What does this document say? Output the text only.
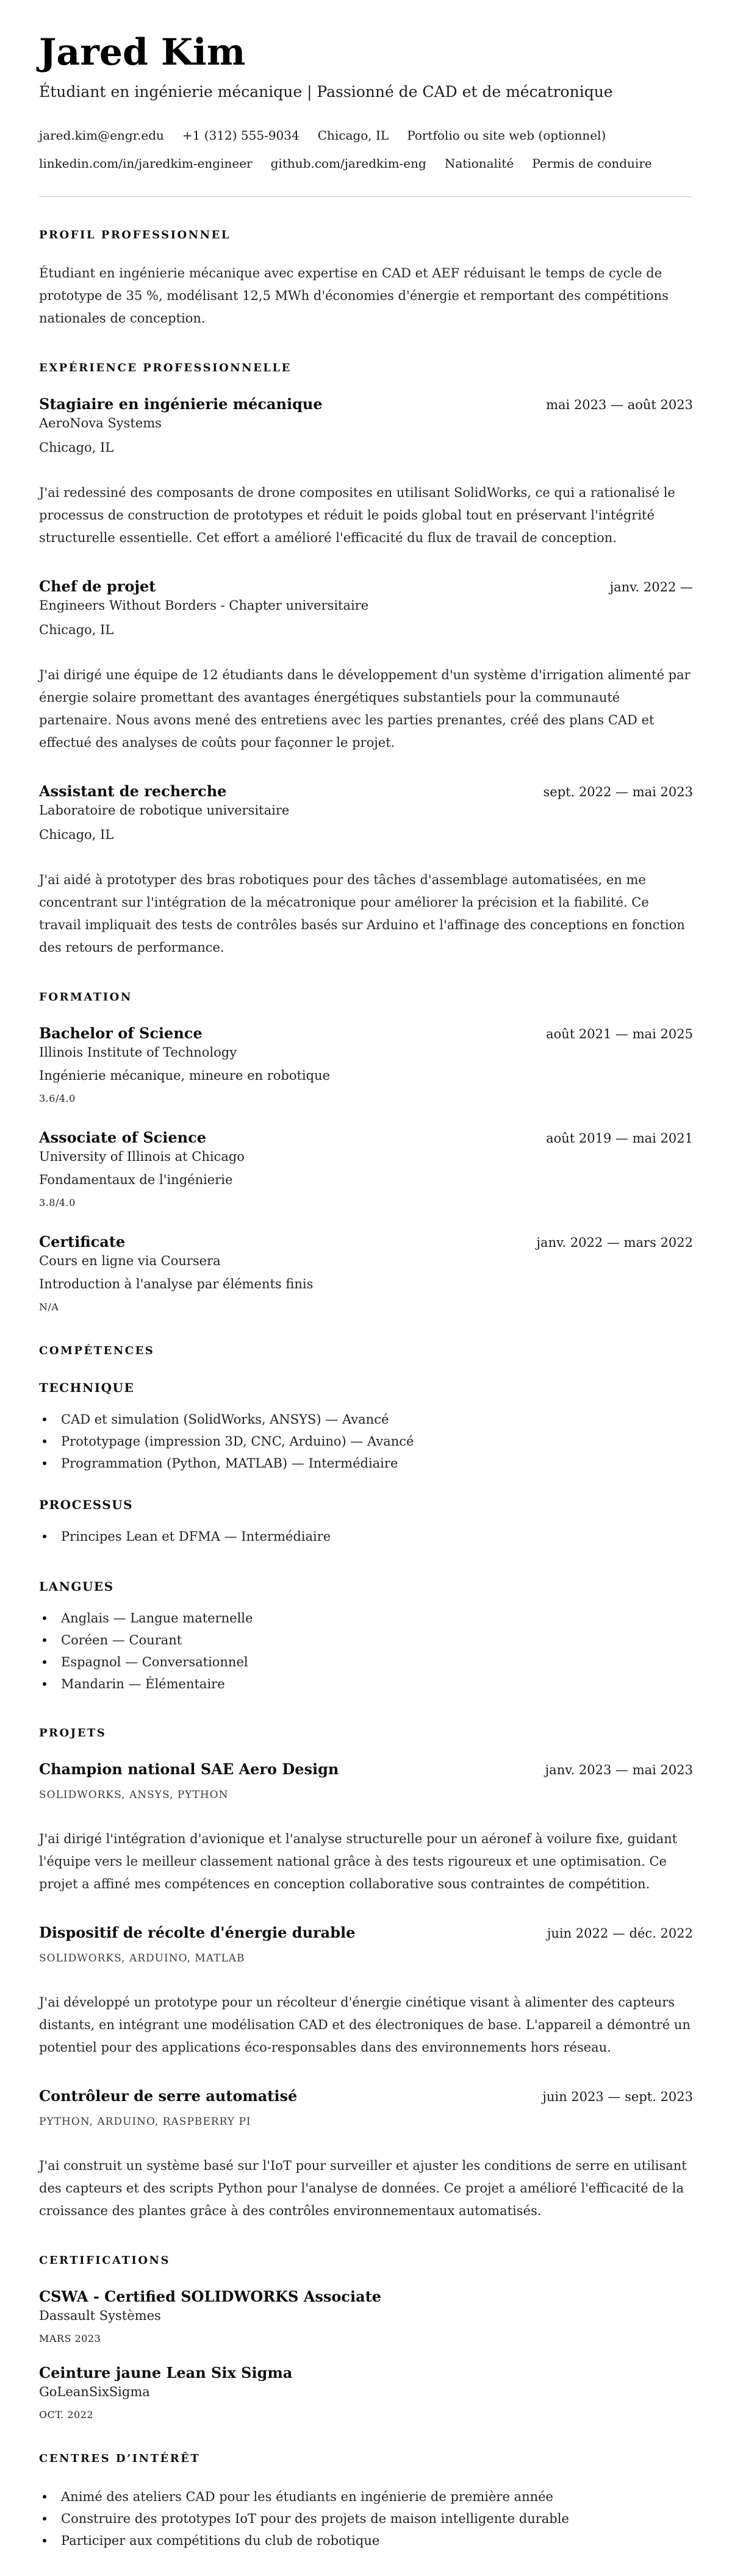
Jared Kim
Étudiant en ingénierie mécanique | Passionné de CAD et de mécatronique
jared.kim@engr.edu +1 (312) 555-9034 Chicago, IL Portfolio ou site web (optionnel)
linkedin.com/in/jaredkim-engineer github.com/jaredkim-eng Nationalité Permis de conduire
PROFIL PROFESSIONNEL

Étudiant en ingénierie mécanique avec expertise en CAD et AEF réduisant le temps de cycle de prototype de 35 %, modélisant 12,5 MWh d'économies d'énergie et remportant des compétitions nationales de conception.

EXPÉRIENCE PROFESSIONNELLE
Stagiaire en ingénierie mécanique	mai 2023 — août 2023
AeroNova Systems
Chicago, IL

J'ai redessiné des composants de drone composites en utilisant SolidWorks, ce qui a rationalisé le processus de construction de prototypes et réduit le poids global tout en préservant l'intégrité structurelle essentielle. Cet effort a amélioré l'efficacité du flux de travail de conception.

Chef de projet	janv. 2022 —
Engineers Without Borders - Chapter universitaire
Chicago, IL

J'ai dirigé une équipe de 12 étudiants dans le développement d'un système d'irrigation alimenté par énergie solaire promettant des avantages énergétiques substantiels pour la communauté partenaire. Nous avons mené des entretiens avec les parties prenantes, créé des plans CAD et effectué des analyses de coûts pour façonner le projet.

Assistant de recherche	sept. 2022 — mai 2023
Laboratoire de robotique universitaire
Chicago, IL

J'ai aidé à prototyper des bras robotiques pour des tâches d'assemblage automatisées, en me concentrant sur l'intégration de la mécatronique pour améliorer la précision et la fiabilité. Ce travail impliquait des tests de contrôles basés sur Arduino et l'affinage des conceptions en fonction des retours de performance.

FORMATION
Bachelor of Science	août 2021 — mai 2025
Illinois Institute of Technology
Ingénierie mécanique, mineure en robotique
3.6/4.0
Associate of Science	août 2019 — mai 2021
University of Illinois at Chicago
Fondamentaux de l'ingénierie
3.8/4.0
Certificate	janv. 2022 — mars 2022
Cours en ligne via Coursera
Introduction à l'analyse par éléments finis
N/A
COMPÉTENCES
TECHNIQUE
CAD et simulation (SolidWorks, ANSYS) — Avancé
Prototypage (impression 3D, CNC, Arduino) — Avancé
Programmation (Python, MATLAB) — Intermédiaire
PROCESSUS
Principes Lean et DFMA — Intermédiaire
LANGUES
Anglais — Langue maternelle
Coréen — Courant
Espagnol — Conversationnel
Mandarin — Élémentaire
PROJETS
Champion national SAE Aero Design	janv. 2023 — mai 2023
SOLIDWORKS, ANSYS, PYTHON

J'ai dirigé l'intégration d'avionique et l'analyse structurelle pour un aéronef à voilure fixe, guidant l'équipe vers le meilleur classement national grâce à des tests rigoureux et une optimisation. Ce projet a affiné mes compétences en conception collaborative sous contraintes de compétition.

Dispositif de récolte d'énergie durable	juin 2022 — déc. 2022
SOLIDWORKS, ARDUINO, MATLAB

J'ai développé un prototype pour un récolteur d'énergie cinétique visant à alimenter des capteurs distants, en intégrant une modélisation CAD et des électroniques de base. L'appareil a démontré un potentiel pour des applications éco-responsables dans des environnements hors réseau.

Contrôleur de serre automatisé	juin 2023 — sept. 2023
PYTHON, ARDUINO, RASPBERRY PI

J'ai construit un système basé sur l'IoT pour surveiller et ajuster les conditions de serre en utilisant des capteurs et des scripts Python pour l'analyse de données. Ce projet a amélioré l'efficacité de la croissance des plantes grâce à des contrôles environnementaux automatisés.

CERTIFICATIONS
CSWA - Certified SOLIDWORKS Associate
Dassault Systèmes
MARS 2023
Ceinture jaune Lean Six Sigma
GoLeanSixSigma
OCT. 2022
CENTRES D’INTÉRÊT
Animé des ateliers CAD pour les étudiants en ingénierie de première année
Construire des prototypes IoT pour des projets de maison intelligente durable
Participer aux compétitions du club de robotique
